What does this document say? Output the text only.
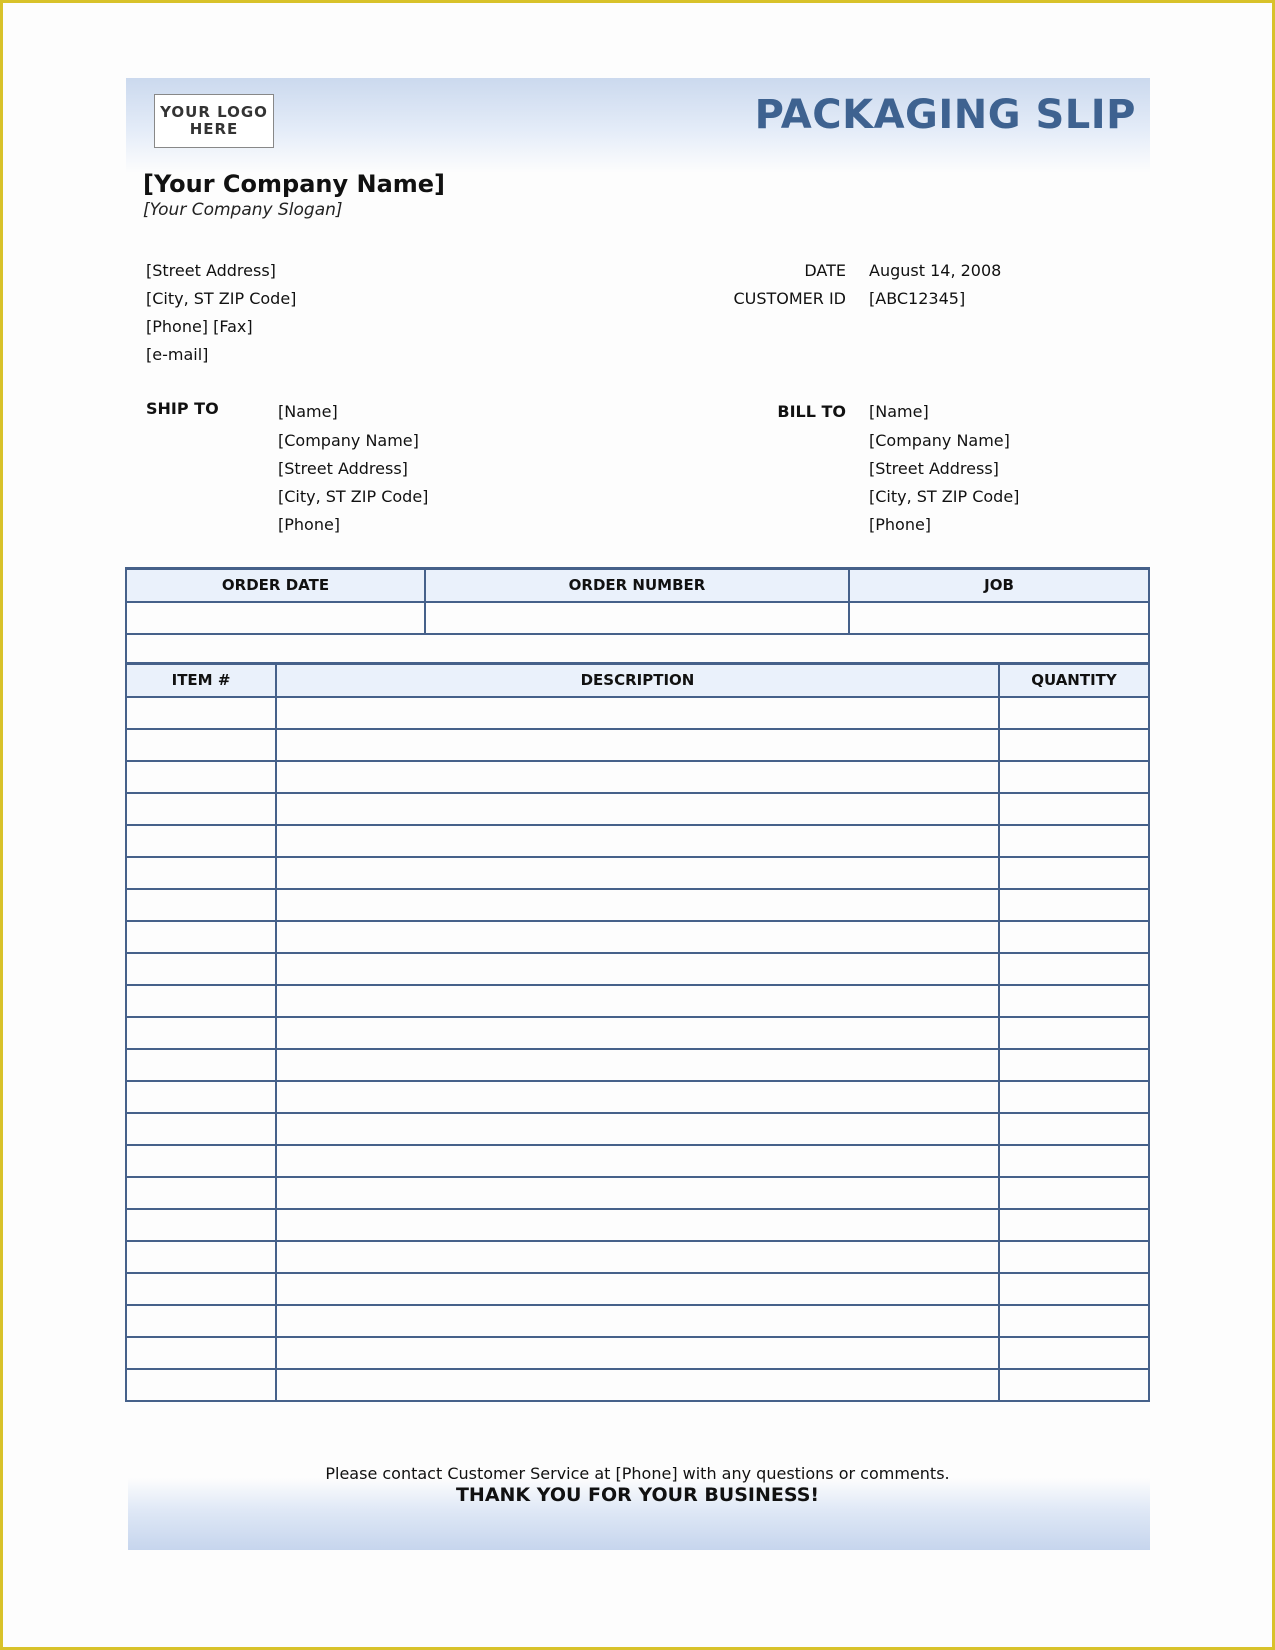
YOUR LOGO
HERE	PACKAGING SLIP
[Your Company Name]
[Your Company Slogan]
[Street Address]
[City, ST ZIP Code]
[Phone] [Fax]
[e-mail]
DATE August 14, 2008
CUSTOMER ID [ABC12345]
SHIP TO	[Name]
[Company Name]
[Street Address]
[City, ST ZIP Code]
[Phone]
BILL TO [Name]
[Company Name]
[Street Address]
[City, ST ZIP Code]
[Phone]
ORDER DATE	ORDER NUMBER	JOB

ITEM #	DESCRIPTION	QUANTITY

Please contact Customer Service at [Phone] with any questions or comments.
THANK YOU FOR YOUR BUSINESS!
